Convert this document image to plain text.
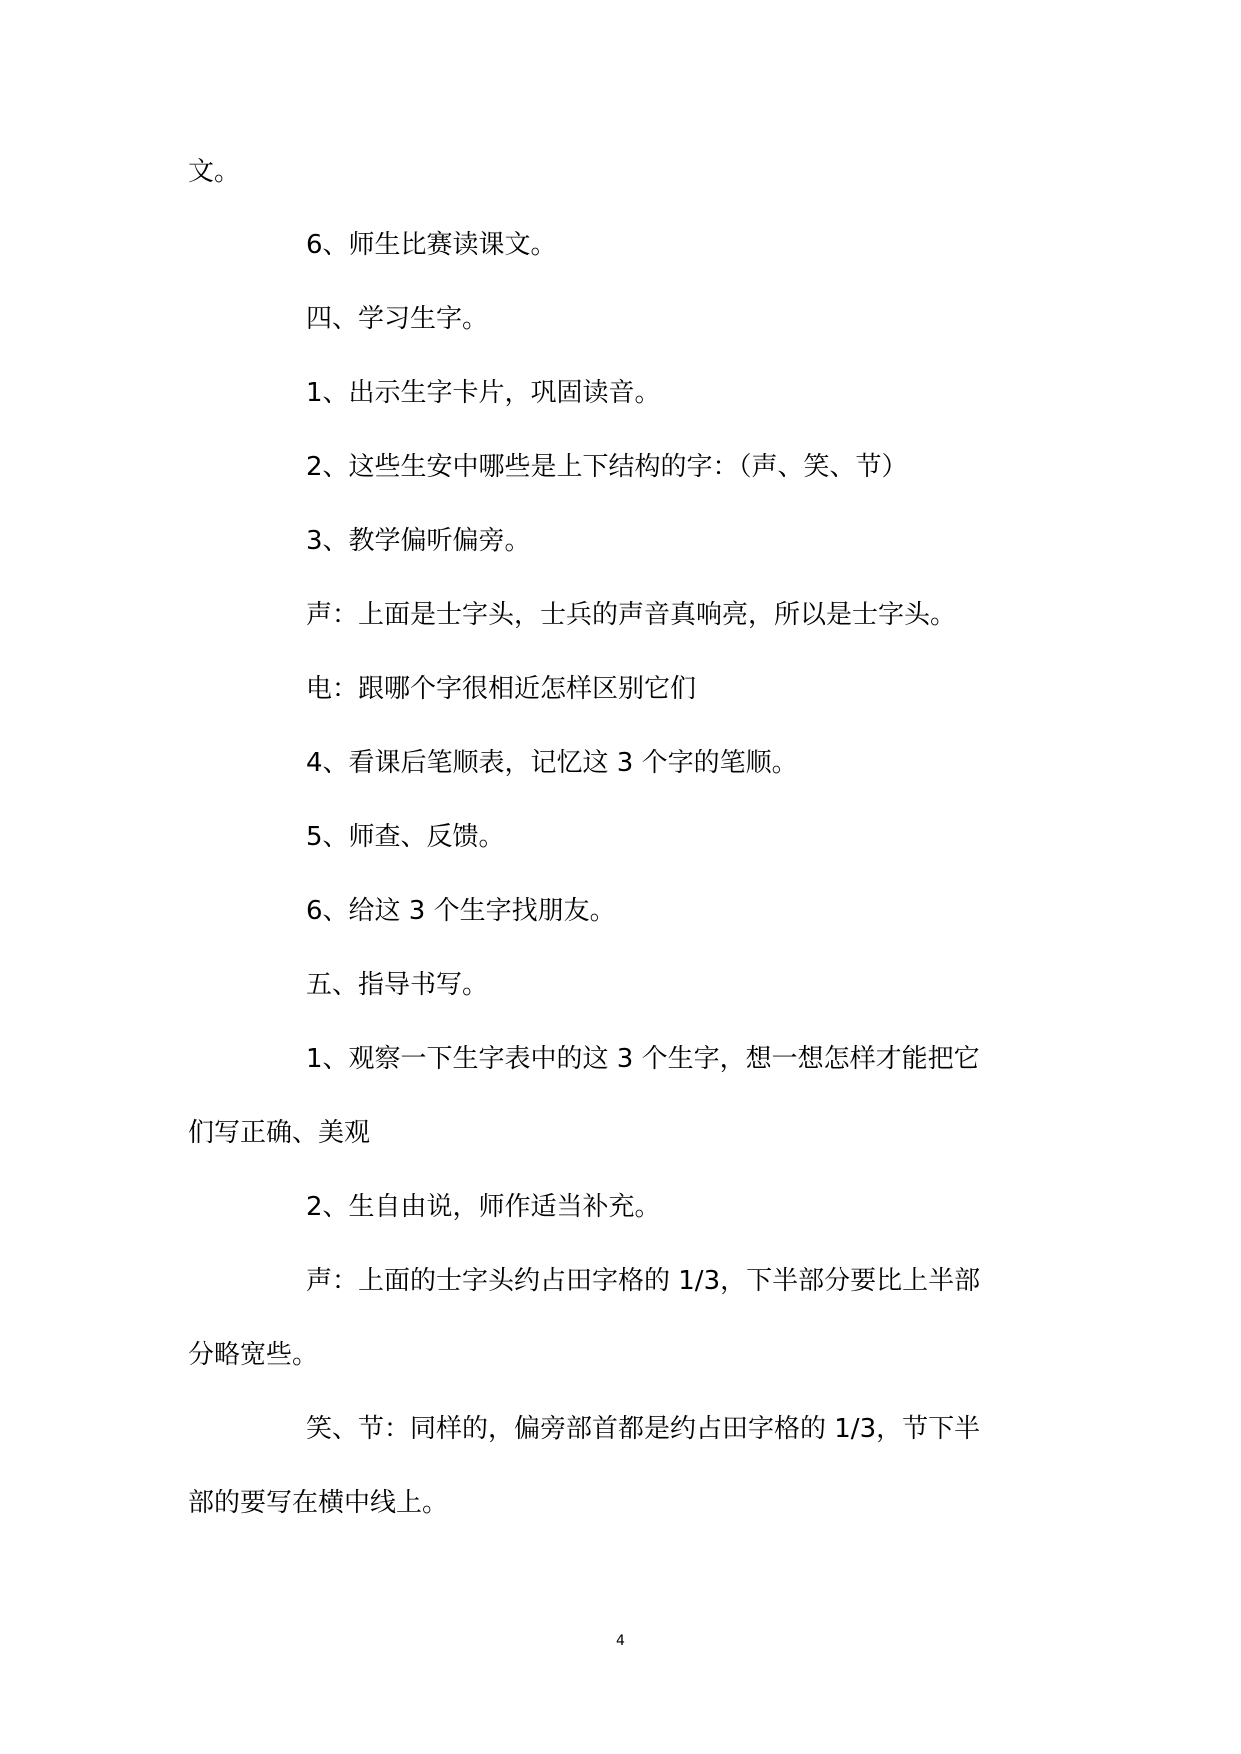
文。
6、师生比赛读课文。
四、学习生字。
1、出示生字卡片，巩固读音。
2、这些生安中哪些是上下结构的字：（声、笑、节）
3、教学偏听偏旁。
声：上面是士字头，士兵的声音真响亮，所以是士字头。
电：跟哪个字很相近怎样区别它们
4、看课后笔顺表，记忆这 3 个字的笔顺。
5、师查、反馈。
6、给这 3 个生字找朋友。
五、指导书写。
1、观察一下生字表中的这 3 个生字，想一想怎样才能把它
们写正确、美观
2、生自由说，师作适当补充。
声：上面的士字头约占田字格的 1/3，下半部分要比上半部
分略宽些。
笑、节：同样的，偏旁部首都是约占田字格的 1/3，节下半
部的要写在横中线上。
4
